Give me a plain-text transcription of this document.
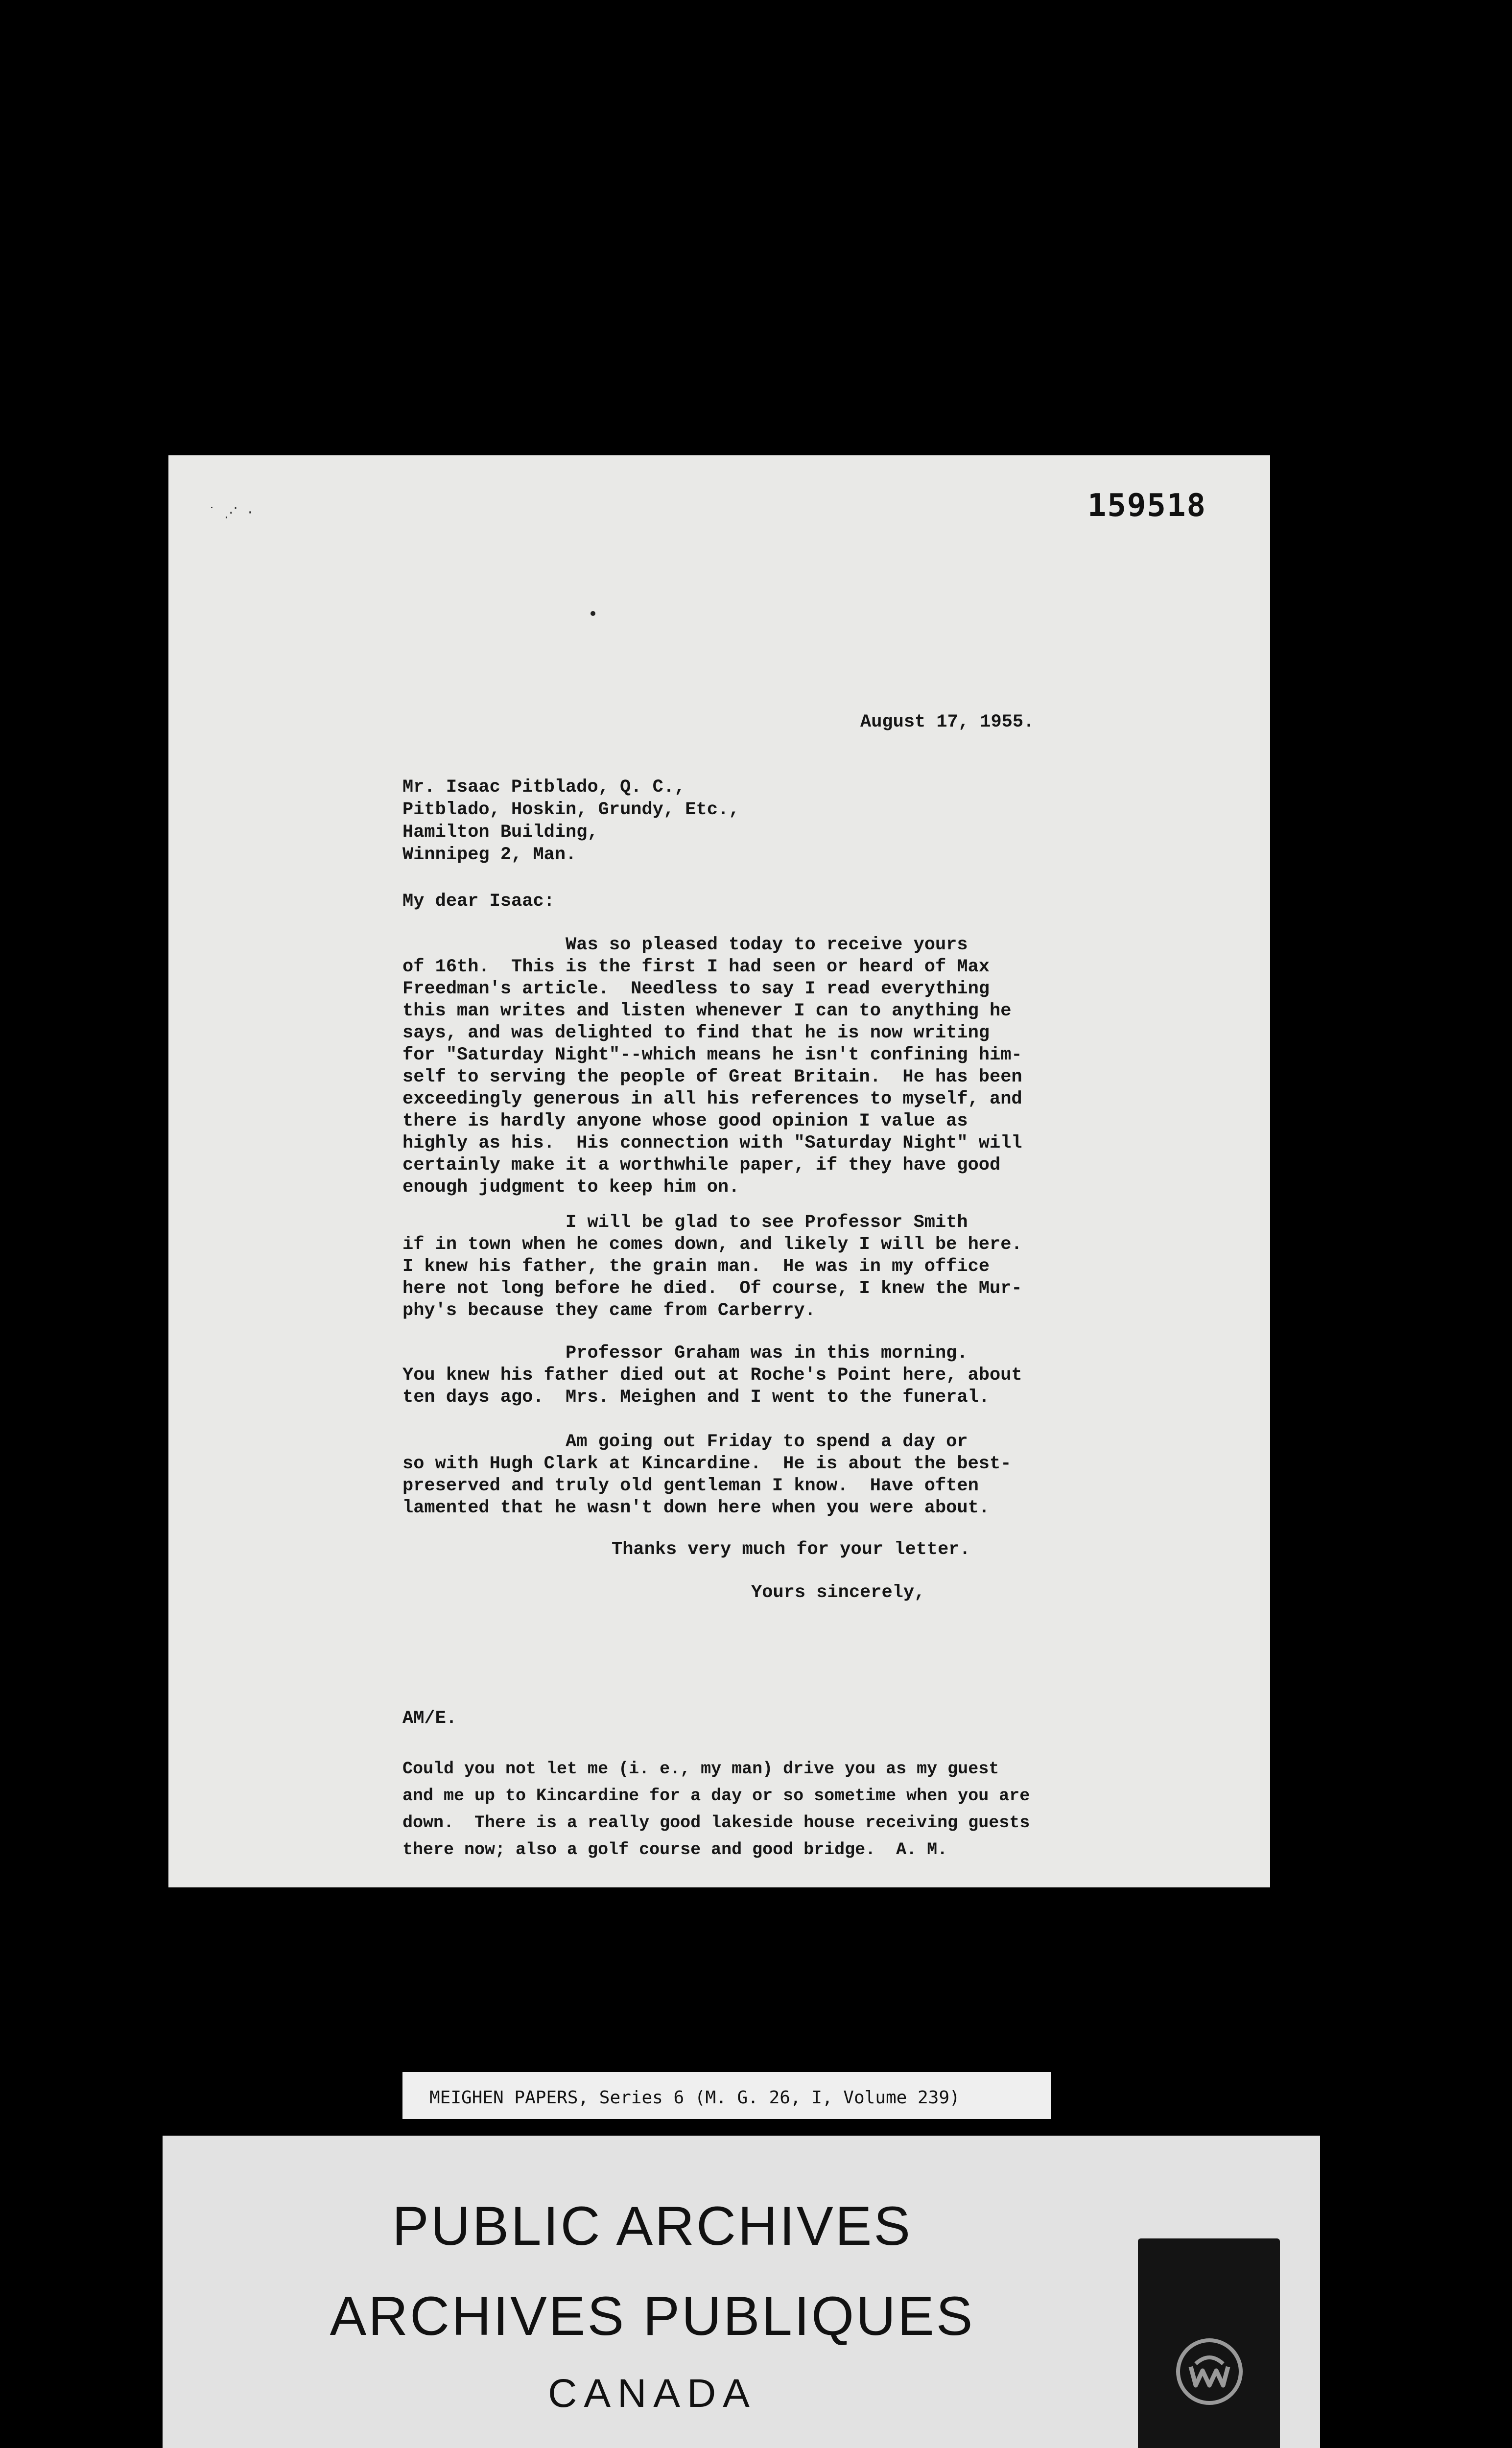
˙ ⋰ ·	159518
August 17, 1955.
Mr. Isaac Pitblado, Q. C.,
Pitblado, Hoskin, Grundy, Etc.,
Hamilton Building,
Winnipeg 2, Man.
My dear Isaac:
Was so pleased today to receive yours
of 16th.  This is the first I had seen or heard of Max
Freedman's article.  Needless to say I read everything
this man writes and listen whenever I can to anything he
says, and was delighted to find that he is now writing
for "Saturday Night"--which means he isn't confining him-
self to serving the people of Great Britain.  He has been
exceedingly generous in all his references to myself, and
there is hardly anyone whose good opinion I value as
highly as his.  His connection with "Saturday Night" will
certainly make it a worthwhile paper, if they have good
enough judgment to keep him on.
I will be glad to see Professor Smith
if in town when he comes down, and likely I will be here.
I knew his father, the grain man.  He was in my office
here not long before he died.  Of course, I knew the Mur-
phy's because they came from Carberry.
Professor Graham was in this morning.
You knew his father died out at Roche's Point here, about
ten days ago.  Mrs. Meighen and I went to the funeral.
Am going out Friday to spend a day or
so with Hugh Clark at Kincardine.  He is about the best-
preserved and truly old gentleman I know.  Have often
lamented that he wasn't down here when you were about.
Thanks very much for your letter.
Yours sincerely,
AM/E.
Could you not let me (i. e., my man) drive you as my guest
and me up to Kincardine for a day or so sometime when you are
down.  There is a really good lakeside house receiving guests
there now; also a golf course and good bridge.  A. M.
MEIGHEN PAPERS, Series 6 (M. G. 26, I, Volume 239)
PUBLIC ARCHIVES
ARCHIVES PUBLIQUES
CANADA
